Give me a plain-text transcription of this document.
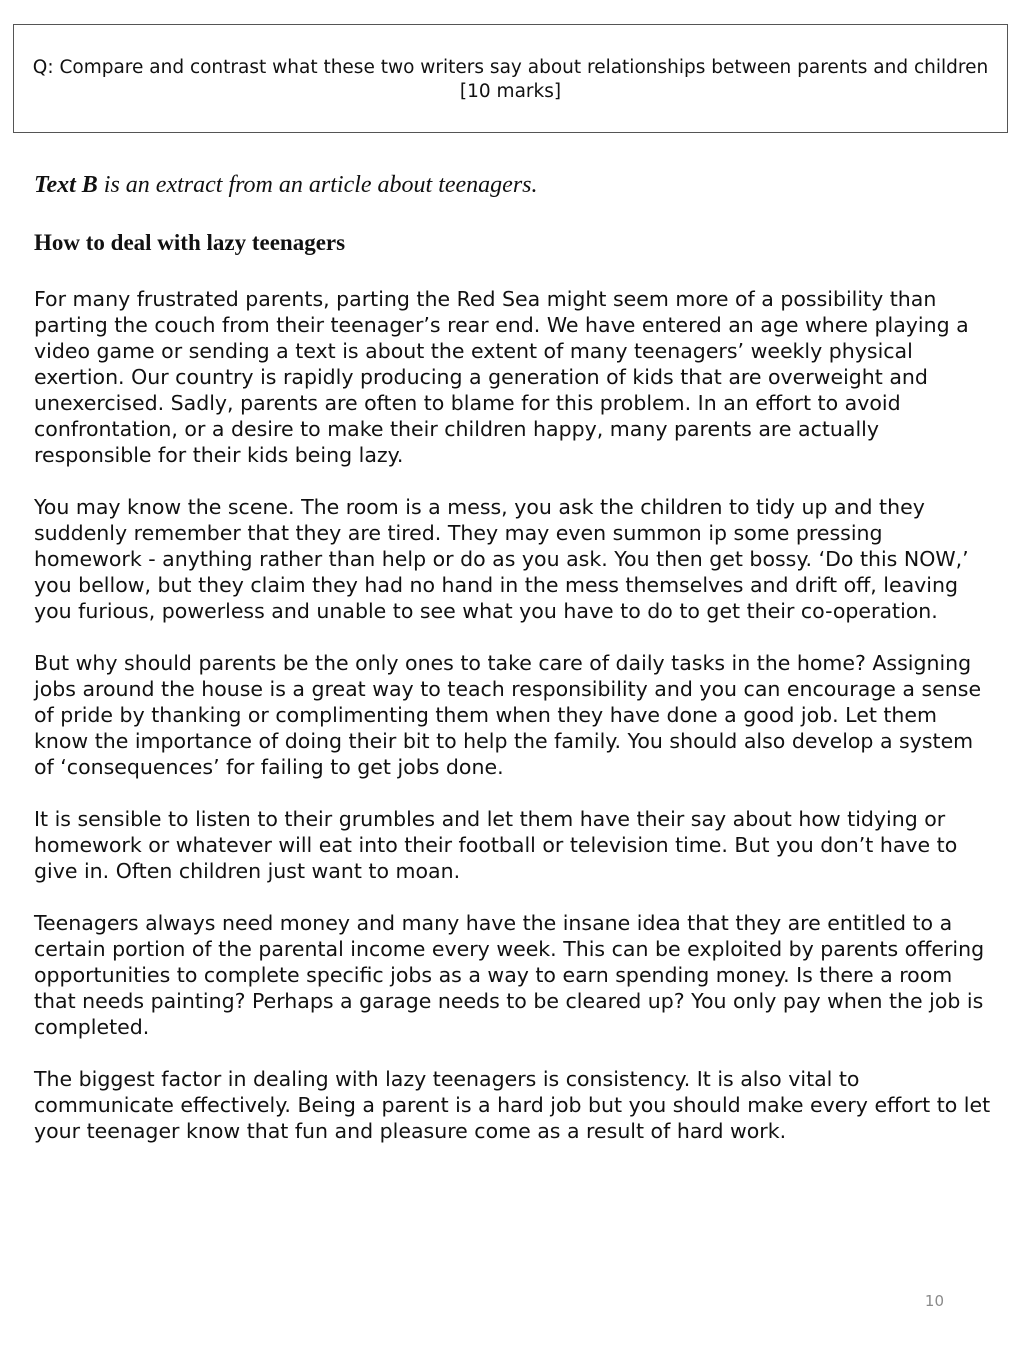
Q: Compare and contrast what these two writers say about relationships between parents and children [10 marks]

Text B is an extract from an article about teenagers.

How to deal with lazy teenagers

For many frustrated parents, parting the Red Sea might seem more of a possibility than parting the couch from their teenager’s rear end. We have entered an age where playing a video game or sending a text is about the extent of many teenagers’ weekly physical exertion. Our country is rapidly producing a generation of kids that are overweight and unexercised. Sadly, parents are often to blame for this problem. In an effort to avoid confrontation, or a desire to make their children happy, many parents are actually responsible for their kids being lazy.

You may know the scene. The room is a mess, you ask the children to tidy up and they suddenly remember that they are tired. They may even summon ip some pressing homework - anything rather than help or do as you ask. You then get bossy. ‘Do this NOW,’ you bellow, but they claim they had no hand in the mess themselves and drift off, leaving you furious, powerless and unable to see what you have to do to get their co-operation.

But why should parents be the only ones to take care of daily tasks in the home? Assigning jobs around the house is a great way to teach responsibility and you can encourage a sense of pride by thanking or complimenting them when they have done a good job. Let them know the importance of doing their bit to help the family. You should also develop a system of ‘consequences’ for failing to get jobs done.

It is sensible to listen to their grumbles and let them have their say about how tidying or homework or whatever will eat into their football or television time. But you don’t have to give in. Often children just want to moan.

Teenagers always need money and many have the insane idea that they are entitled to a certain portion of the parental income every week. This can be exploited by parents offering opportunities to complete specific jobs as a way to earn spending money. Is there a room that needs painting? Perhaps a garage needs to be cleared up? You only pay when the job is completed.

The biggest factor in dealing with lazy teenagers is consistency. It is also vital to communicate effectively. Being a parent is a hard job but you should make every effort to let your teenager know that fun and pleasure come as a result of hard work.

10
